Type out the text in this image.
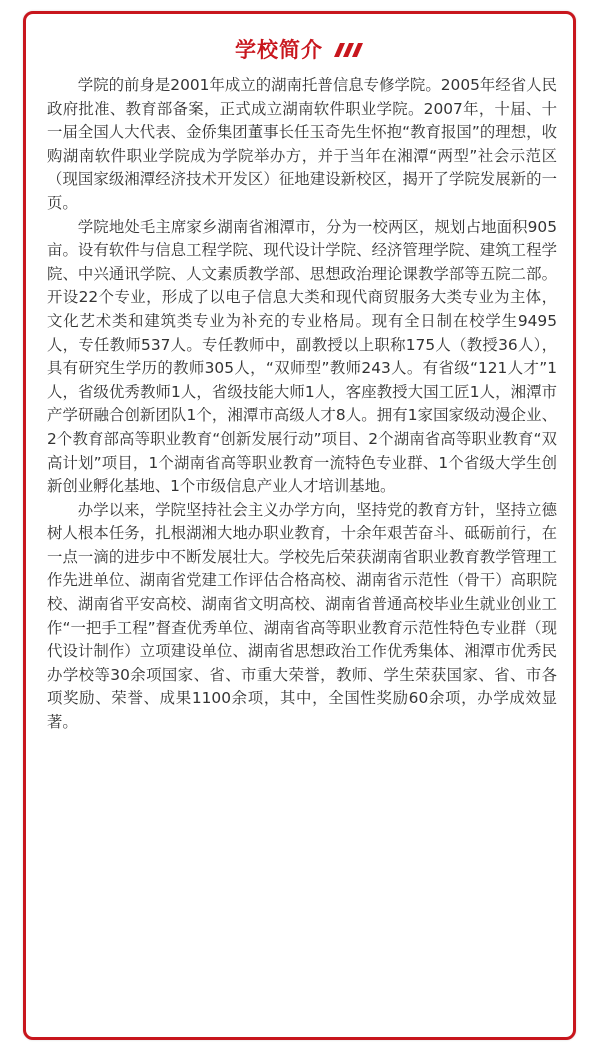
学校简介

学院的前身是2001年成立的湖南托普信息专修学院。2005年经省人民政府批准、教育部备案，正式成立湖南软件职业学院。2007年，十届、十一届全国人大代表、金侨集团董事长任玉奇先生怀抱“教育报国”的理想，收购湖南软件职业学院成为学院举办方，并于当年在湘潭“两型”社会示范区（现国家级湘潭经济技术开发区）征地建设新校区，揭开了学院发展新的一页。

学院地处毛主席家乡湖南省湘潭市，分为一校两区，规划占地面积905亩。设有软件与信息工程学院、现代设计学院、经济管理学院、建筑工程学院、中兴通讯学院、人文素质教学部、思想政治理论课教学部等五院二部。开设22个专业，形成了以电子信息大类和现代商贸服务大类专业为主体，文化艺术类和建筑类专业为补充的专业格局。现有全日制在校学生9495人，专任教师537人。专任教师中，副教授以上职称175人（教授36人），具有研究生学历的教师305人，“双师型”教师243人。有省级“121人才”1人，省级优秀教师1人，省级技能大师1人，客座教授大国工匠1人，湘潭市产学研融合创新团队1个，湘潭市高级人才8人。拥有1家国家级动漫企业、2个教育部高等职业教育“创新发展行动”项目、2个湖南省高等职业教育“双高计划”项目，1个湖南省高等职业教育一流特色专业群、1个省级大学生创新创业孵化基地、1个市级信息产业人才培训基地。

办学以来，学院坚持社会主义办学方向，坚持党的教育方针，坚持立德树人根本任务，扎根湖湘大地办职业教育，十余年艰苦奋斗、砥砺前行，在一点一滴的进步中不断发展壮大。学校先后荣获湖南省职业教育教学管理工作先进单位、湖南省党建工作评估合格高校、湖南省示范性（骨干）高职院校、湖南省平安高校、湖南省文明高校、湖南省普通高校毕业生就业创业工作“一把手工程”督查优秀单位、湖南省高等职业教育示范性特色专业群（现代设计制作）立项建设单位、湖南省思想政治工作优秀集体、湘潭市优秀民办学校等30余项国家、省、市重大荣誉，教师、学生荣获国家、省、市各项奖励、荣誉、成果1100余项，其中，全国性奖励60余项，办学成效显著。
